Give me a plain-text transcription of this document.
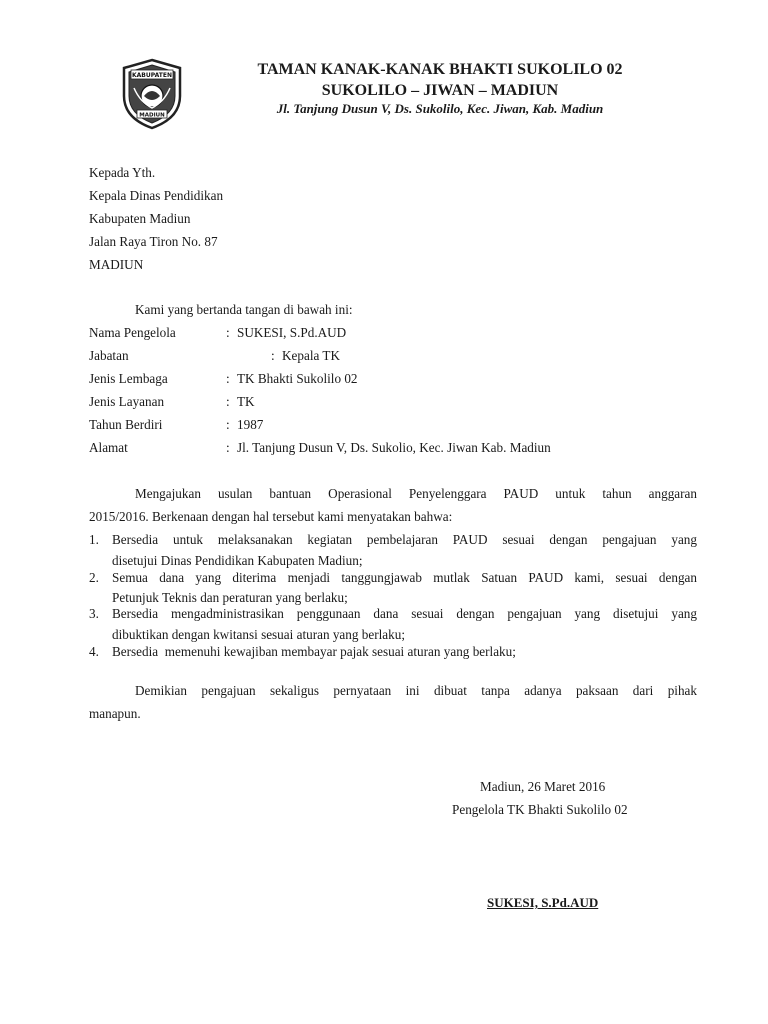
KABUPATEN
MADIUN
TAMAN KANAK-KANAK BHAKTI SUKOLILO 02
SUKOLILO – JIWAN – MADIUN
Jl. Tanjung Dusun V, Ds. Sukolilo, Kec. Jiwan, Kab. Madiun
Kepada Yth.
Kepala Dinas Pendidikan
Kabupaten Madiun
Jalan Raya Tiron No. 87
MADIUN
Kami yang bertanda tangan di bawah ini:
Nama Pengelola	: SUKESI, S.Pd.AUD
Jabatan	: Kepala TK
Jenis Lembaga	: TK Bhakti Sukolilo 02
Jenis Layanan	: TK
Tahun Berdiri	: 1987
Alamat	: Jl. Tanjung Dusun V, Ds. Sukolio, Kec. Jiwan Kab. Madiun
Mengajukan usulan bantuan Operasional Penyelenggara PAUD untuk tahun anggaran
2015/2016. Berkenaan dengan hal tersebut kami menyatakan bahwa:
1. Bersedia untuk melaksanakan kegiatan pembelajaran PAUD sesuai dengan pengajuan yang
disetujui Dinas Pendidikan Kabupaten Madiun;
2. Semua dana yang diterima menjadi tanggungjawab mutlak Satuan PAUD kami, sesuai dengan
Petunjuk Teknis dan peraturan yang berlaku;
3. Bersedia mengadministrasikan penggunaan dana sesuai dengan pengajuan yang disetujui yang
dibuktikan dengan kwitansi sesuai aturan yang berlaku;
4. Bersedia  memenuhi kewajiban membayar pajak sesuai aturan yang berlaku;
Demikian pengajuan sekaligus pernyataan ini dibuat tanpa adanya paksaan dari pihak
manapun.
Madiun, 26 Maret 2016
Pengelola TK Bhakti Sukolilo 02
SUKESI, S.Pd.AUD
